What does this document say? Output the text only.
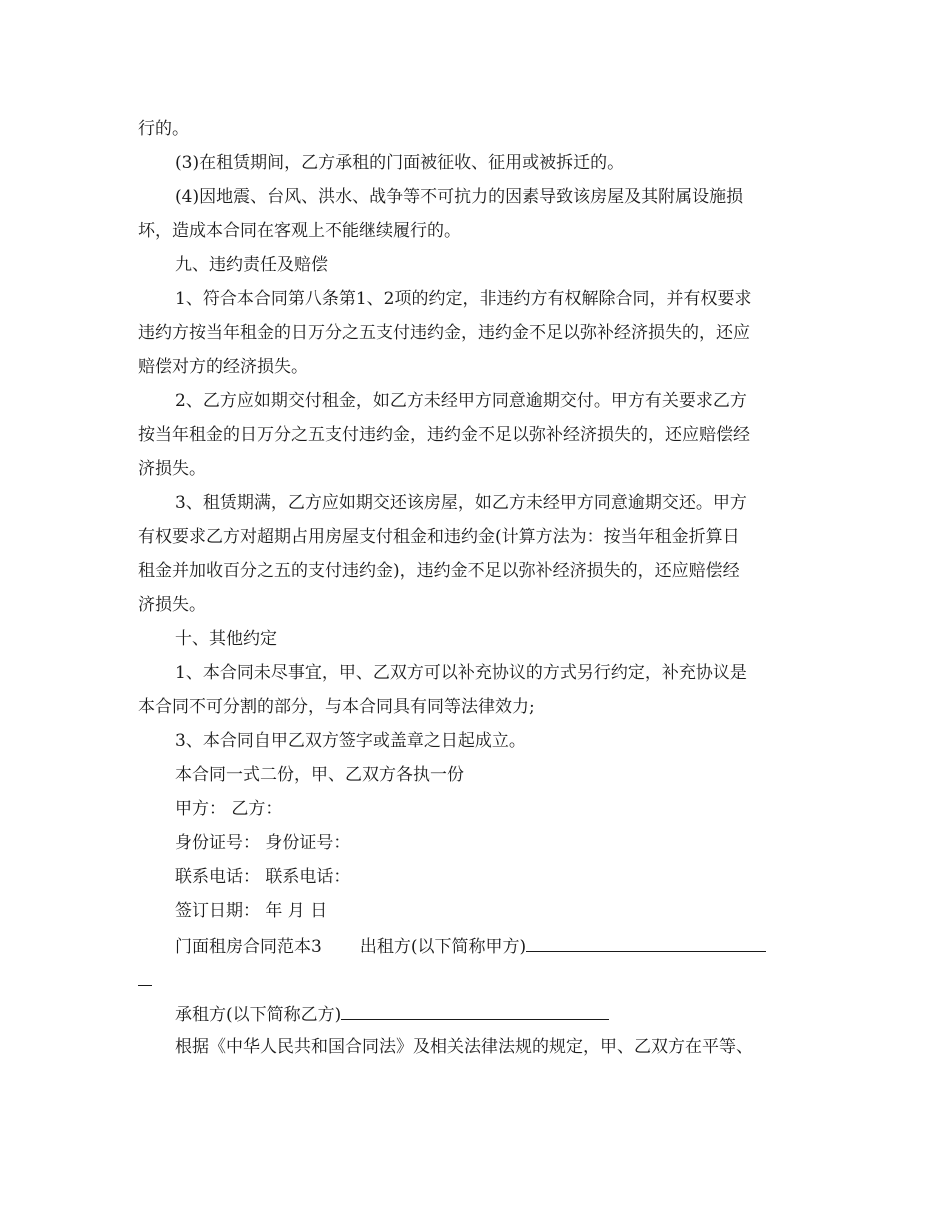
行的。
(3)在租赁期间，乙方承租的门面被征收、征用或被拆迁的。
(4)因地震、台风、洪水、战争等不可抗力的因素导致该房屋及其附属设施损
坏，造成本合同在客观上不能继续履行的。
九、违约责任及赔偿
1、符合本合同第八条第1、2项的约定，非违约方有权解除合同，并有权要求
违约方按当年租金的日万分之五支付违约金，违约金不足以弥补经济损失的，还应
赔偿对方的经济损失。
2、乙方应如期交付租金，如乙方未经甲方同意逾期交付。甲方有关要求乙方
按当年租金的日万分之五支付违约金，违约金不足以弥补经济损失的，还应赔偿经
济损失。
3、租赁期满，乙方应如期交还该房屋，如乙方未经甲方同意逾期交还。甲方
有权要求乙方对超期占用房屋支付租金和违约金(计算方法为：按当年租金折算日
租金并加收百分之五的支付违约金)，违约金不足以弥补经济损失的，还应赔偿经
济损失。
十、其他约定
1、本合同未尽事宜，甲、乙双方可以补充协议的方式另行约定，补充协议是
本合同不可分割的部分，与本合同具有同等法律效力;
3、本合同自甲乙双方签字或盖章之日起成立。
本合同一式二份，甲、乙双方各执一份
甲方： 乙方：
身份证号： 身份证号：
联系电话： 联系电话：
签订日期： 年 月 日
门面租房合同范本3 出租方(以下简称甲方)
承租方(以下简称乙方)
根据《中华人民共和国合同法》及相关法律法规的规定，甲、乙双方在平等、
